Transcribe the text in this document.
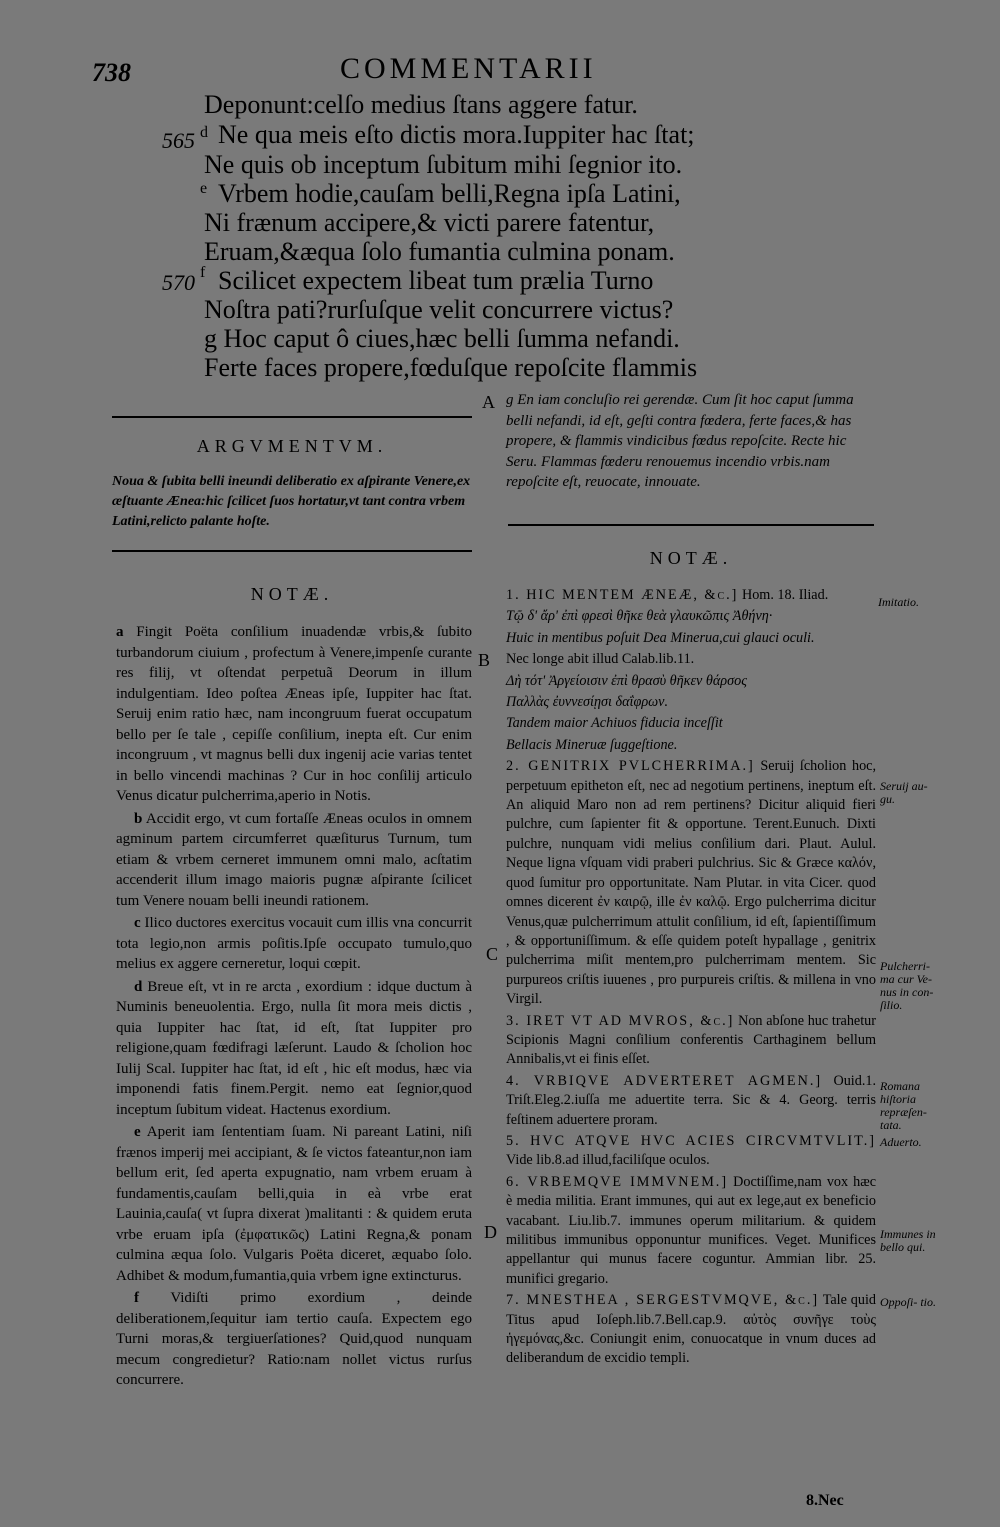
738	COMMENTARII
565
570
d
e
f
Deponunt:celſo medius ſtans aggere fatur.
Ne qua meis eſto dictis mora.Iuppiter hac ſtat;
Ne quis ob inceptum ſubitum mihi ſegnior ito.
Vrbem hodie,cauſam belli,Regna ipſa Latini,
Ni frænum accipere,& victi parere fatentur,
Eruam,&æqua ſolo fumantia culmina ponam.
Scilicet expectem libeat tum prælia Turno
Noſtra pati?rurſuſque velit concurrere victus?
g Hoc caput ô ciues,hæc belli ſumma nefandi.
Ferte faces propere,fœduſque repoſcite flammis
ARGVMENTVM.
Noua & ſubita belli ineundi deliberatio ex aſpirante Venere,ex æſtuante Ænea:hic ſcilicet ſuos hortatur,vt tant contra vrbem Latini,relicto palante hoſte.
NOTÆ.

a Fingit Poëta conſilium inuadendæ vrbis,& ſubito turbandorum ciuium , profectum à Venere,impenſe curante res filij, vt oſtendat perpetuã Deorum in illum indulgentiam. Ideo poſtea Æneas ipſe, Iuppiter hac ſtat. Seruij enim ratio hæc, nam incongruum fuerat occupatum bello per ſe tale , cepiſſe conſilium, inepta eſt. Cur enim incongruum , vt magnus belli dux ingenij acie varias tentet in bello vincendi machinas ? Cur in hoc conſilij articulo Venus dicatur pulcherrima,aperio in Notis.

b Accidit ergo, vt cum fortaſſe Æneas oculos in omnem agminum partem circumferret quæſiturus Turnum, tum etiam & vrbem cerneret immunem omni malo, acſtatim accenderit illum imago maioris pugnæ aſpirante ſcilicet tum Venere nouam belli ineundi rationem.

c Ilico ductores exercitus vocauit cum illis vna concurrit tota legio,non armis poſitis.Ipſe occupato tumulo,quo melius ex aggere cerneretur, loqui cœpit.

d Breue eſt, vt in re arcta , exordium : idque ductum à Numinis beneuolentia. Ergo, nulla ſit mora meis dictis , quia Iuppiter hac ſtat, id eſt, ſtat Iuppiter pro religione,quam fœdifragi læſerunt. Laudo & ſcholion hoc Iulij Scal. Iuppiter hac ſtat, id eſt , hic eſt modus, hæc via imponendi fatis finem.Pergit. nemo eat ſegnior,quod inceptum ſubitum videat. Hactenus exordium.

e Aperit iam ſententiam ſuam. Ni pareant Latini, niſi frænos imperij mei accipiant, & ſe victos fateantur,non iam bellum erit, ſed aperta expugnatio, nam vrbem eruam à fundamentis,cauſam belli,quia in eà vrbe erat Lauinia,cauſa( vt ſupra dixerat )malitanti : & quidem eruta vrbe eruam ipſa (ἐμφατικῶς) Latini Regna,& ponam culmina æqua ſolo. Vulgaris Poëta diceret, æquabo ſolo. Adhibet & modum,fumantia,quia vrbem igne extincturus.

f Vidiſti primo exordium , deinde deliberationem,ſequitur iam tertio cauſa. Expectem ego Turni moras,& tergiuerſationes? Quid,quod nunquam mecum congredietur? Ratio:nam nollet victus rurſus concurrere.

A
B
C
D
g En iam concluſio rei gerendæ. Cum ſit hoc caput ſumma belli nefandi, id eſt, geſti contra fœdera, ferte faces,& has propere, & flammis vindicibus fœdus repoſcite. Recte hic Seru. Flammas fœderu renouemus incendio vrbis.nam repoſcite eſt, reuocate, innouate.
NOTÆ.

1. HIC MENTEM ÆNEÆ, &c.] Hom. 18. Iliad.

Τῷ δ' ἄρ' ἐπὶ φρεσὶ θῆκε θεὰ γλαυκῶπις Ἀθήνη·

Huic in mentibus poſuit Dea Minerua,cui glauci oculi.

Nec longe abit illud Calab.lib.11.

Δὴ τότ' Ἀργείοισιν ἐπὶ θρασὺ θῆκεν θάρσος

Παλλὰς ἐυννεσίῃσι δαΐφρων.

Tandem maior Achiuos fiducia inceſſit

Bellacis Mineruæ ſuggeſtione.

2. GENITRIX PVLCHERRIMA.] Seruij ſcholion hoc, perpetuum epitheton eſt, nec ad negotium pertinens, ineptum eſt. An aliquid Maro non ad rem pertinens? Dicitur aliquid fieri pulchre, cum ſapienter fit & opportune. Terent.Eunuch. Dixti pulchre, nunquam vidi melius conſilium dari. Plaut. Aulul. Neque ligna vſquam vidi praberi pulchrius. Sic & Græce καλόν, quod ſumitur pro opportunitate. Nam Plutar. in vita Cicer. quod omnes dicerent ἐν καιρῷ, ille ἐν καλῷ. Ergo pulcherrima dicitur Venus,quæ pulcherrimum attulit conſilium, id eſt, ſapientiſſimum , & opportuniſſimum. & eſſe quidem poteſt hypallage , genitrix pulcherrima miſit mentem,pro pulcherrimam mentem. Sic purpureos criſtis iuuenes , pro purpureis criſtis. & millena in vno Virgil.

3. IRET VT AD MVROS, &c.] Non abſone huc trahetur Scipionis Magni conſilium conferentis Carthaginem bellum Annibalis,vt ei finis eſſet.

4. VRBIQVE ADVERTERET AGMEN.] Ouid.1. Triſt.Eleg.2.iuſſa me aduertite terra. Sic & 4. Georg. terris feſtinem aduertere proram.

5. HVC ATQVE HVC ACIES CIRCVMTVLIT.] Vide lib.8.ad illud,faciliſque oculos.

6. VRBEMQVE IMMVNEM.] Doctiſſime,nam vox hæc è media militia. Erant immunes, qui aut ex lege,aut ex beneficio vacabant. Liu.lib.7. immunes operum militarium. & quidem militibus immunibus opponuntur munifices. Veget. Munifices appellantur qui munus facere coguntur. Ammian libr. 25. munifici gregario.

7. MNESTHEA , SERGESTVMQVE, &c.] Tale quid Titus apud Ioſeph.lib.7.Bell.cap.9. αὐτὸς συνῆγε τοὺς ἡγεμόνας,&c. Coniungit enim, conuocatque in vnum duces ad deliberandum de excidio templi.

Imitatio.
Seruij au- gu.
Pulcherri- ma cur Ve- nus in con- ſilio.
Romana hiſtoria repræſen- tata.
Aduerto.
Immunes in bello qui.
Oppoſi- tio.
8.Nec
